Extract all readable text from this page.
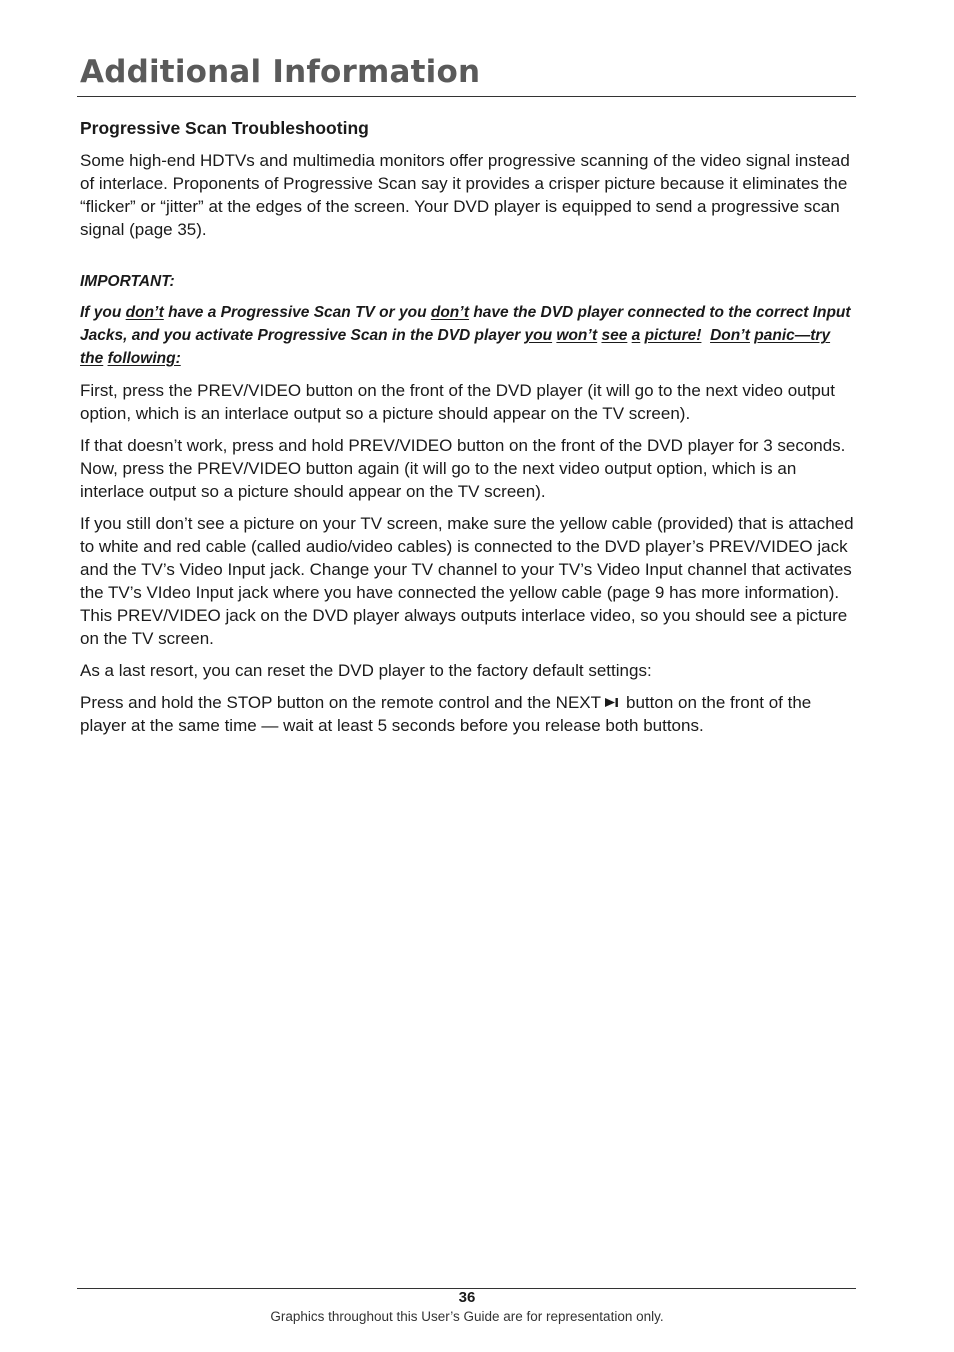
Additional Information
Progressive Scan Troubleshooting

Some high-end HDTVs and multimedia monitors offer progressive scanning of the video signal instead of interlace. Proponents of Progressive Scan say it provides a crisper picture because it eliminates the “flicker” or “jitter” at the edges of the screen. Your DVD player is equipped to send a progressive scan signal (page 35).

IMPORTANT:

If you don’t have a Progressive Scan TV or you don’t have the DVD player connected to the correct Input Jacks, and you activate Progressive Scan in the DVD player you won’t see a picture! Don’t panic—try the following:

First, press the PREV/VIDEO button on the front of the DVD player (it will go to the next video output option, which is an interlace output so a picture should appear on the TV screen).

If that doesn’t work, press and hold PREV/VIDEO button on the front of the DVD player for 3 seconds. Now, press the PREV/VIDEO button again (it will go to the next video output option, which is an interlace output so a picture should appear on the TV screen).

If you still don’t see a picture on your TV screen, make sure the yellow cable (provided) that is attached to white and red cable (called audio/video cables) is connected to the DVD player’s PREV/VIDEO jack and the TV’s Video Input jack. Change your TV channel to your TV’s Video Input channel that activates the TV’s VIdeo Input jack where you have connected the yellow cable (page 9 has more information). This PREV/VIDEO jack on the DVD player always outputs interlace video, so you should see a picture on the TV screen.

As a last resort, you can reset the DVD player to the factory default settings:

Press and hold the STOP button on the remote control and the NEXT button on the front of the player at the same time — wait at least 5 seconds before you release both buttons.

36
Graphics throughout this User’s Guide are for representation only.
